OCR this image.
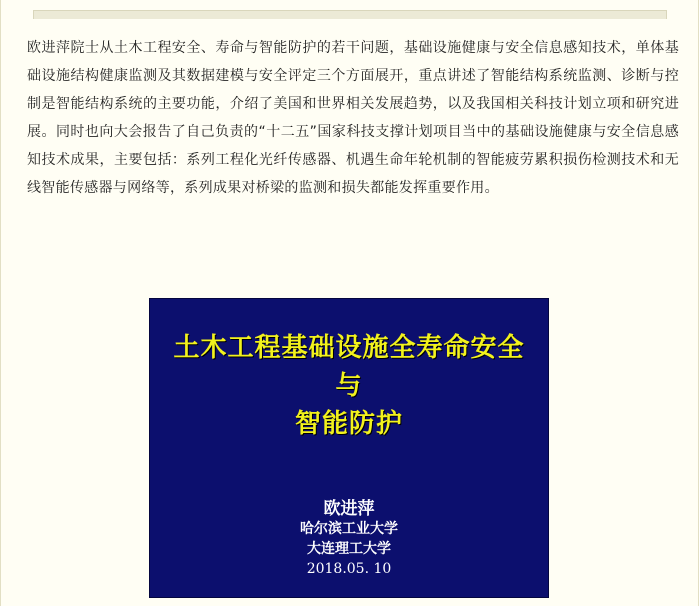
欧进萍院士从土木工程安全、寿命与智能防护的若干问题，基础设施健康与安全信息感知技术，单体基础设施结构健康监测及其数据建模与安全评定三个方面展开，重点讲述了智能结构系统监测、诊断与控制是智能结构系统的主要功能，介绍了美国和世界相关发展趋势，以及我国相关科技计划立项和研究进展。同时也向大会报告了自己负责的“十二五”国家科技支撑计划项目当中的基础设施健康与安全信息感知技术成果，主要包括：系列工程化光纤传感器、机遇生命年轮机制的智能疲劳累积损伤检测技术和无线智能传感器与网络等，系列成果对桥梁的监测和损失都能发挥重要作用。

土木工程基础设施全寿命安全
与
智能防护
欧进萍
哈尔滨工业大学
大连理工大学
2018.05. 10
